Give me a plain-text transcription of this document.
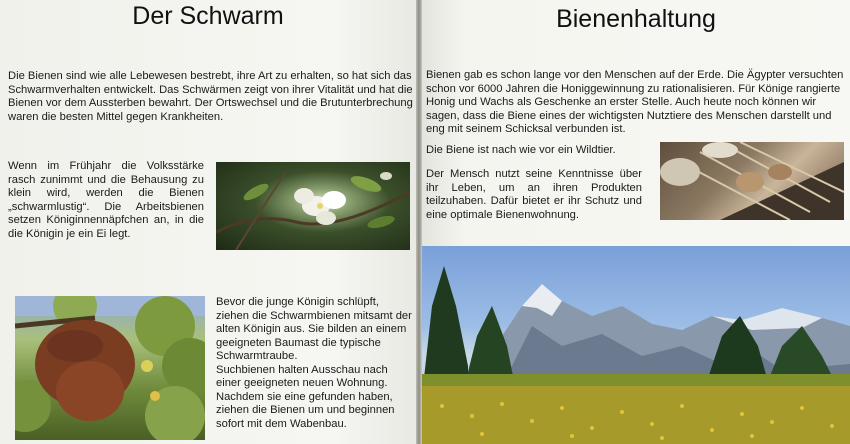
Der Schwarm

Die Bienen sind wie alle Lebewesen bestrebt, ihre Art zu erhalten, so hat sich das Schwarmverhalten entwickelt. Das Schwärmen zeigt von ihrer Vitalität und hat die Bienen vor dem Aussterben bewahrt. Der Ortswechsel und die Brutunterbrechung waren die besten Mittel gegen Krankheiten.

Wenn im Frühjahr die Volksstärke rasch zunimmt und die Behausung zu klein wird, werden die Bienen „schwarmlustig“. Die Arbeitsbienen setzen Königinnennäpfchen an, in die die Königin je ein Ei legt.

Bevor die junge Königin schlüpft, ziehen die Schwarmbienen mitsamt der alten Königin aus. Sie bilden an einem geeigneten Baumast die typische Schwarmtraube.
Suchbienen halten Ausschau nach einer geeigneten neuen Wohnung. Nachdem sie eine gefunden haben, ziehen die Bienen um und beginnen sofort mit dem Wabenbau.

Bienenhaltung

Bienen gab es schon lange vor den Menschen auf der Erde. Die Ägypter versuchten schon vor 6000 Jahren die Honiggewinnung zu rationalisieren. Für Könige rangierte Honig und Wachs als Geschenke an erster Stelle. Auch heute noch können wir sagen, dass die Biene eines der wichtigsten Nutztiere des Menschen darstellt und eng mit seinem Schicksal verbunden ist.

Die Biene ist nach wie vor ein Wildtier.

Der Mensch nutzt seine Kenntnisse über ihr Leben, um an ihren Produkten teilzuhaben. Dafür bietet er ihr Schutz und eine optimale Bienenwohnung.
